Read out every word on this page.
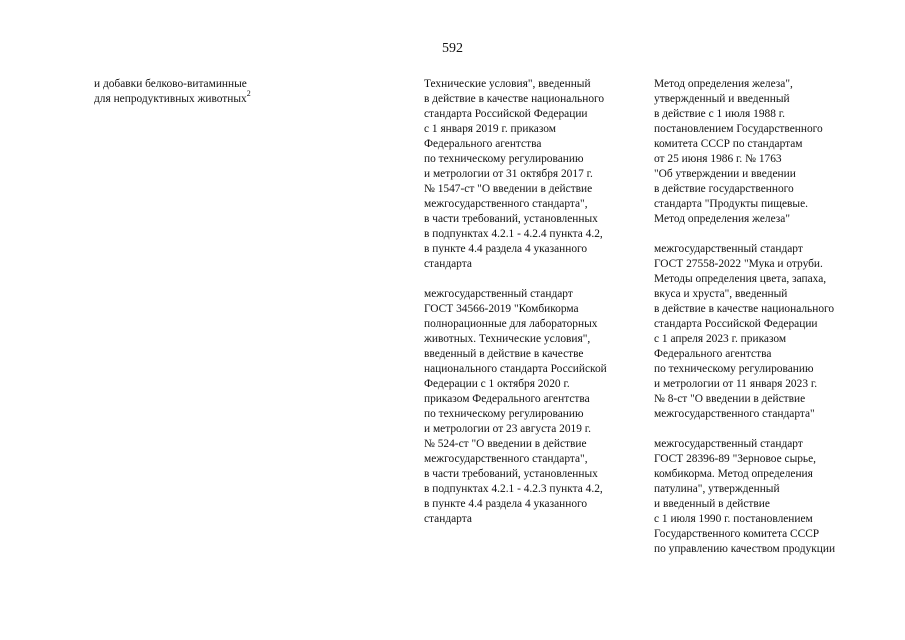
592
и добавки белково-витаминные
для непродуктивных животных$^2$
Технические условия", введенный
в действие в качестве национального
стандарта Российской Федерации
с 1 января 2019 г. приказом
Федерального агентства
по техническому регулированию
и метрологии от 31 октября 2017 г.
№ 1547-ст "О введении в действие
межгосударственного стандарта",
в части требований, установленных
в подпунктах 4.2.1 - 4.2.4 пункта 4.2,
в пункте 4.4 раздела 4 указанного
стандарта
межгосударственный стандарт
ГОСТ 34566-2019 "Комбикорма
полнорационные для лабораторных
животных. Технические условия",
введенный в действие в качестве
национального стандарта Российской
Федерации с 1 октября 2020 г.
приказом Федерального агентства
по техническому регулированию
и метрологии от 23 августа 2019 г.
№ 524-ст "О введении в действие
межгосударственного стандарта",
в части требований, установленных
в подпунктах 4.2.1 - 4.2.3 пункта 4.2,
в пункте 4.4 раздела 4 указанного
стандарта
Метод определения железа",
утвержденный и введенный
в действие с 1 июля 1988 г.
постановлением Государственного
комитета СССР по стандартам
от 25 июня 1986 г. № 1763
"Об утверждении и введении
в действие государственного
стандарта "Продукты пищевые.
Метод определения железа"
межгосударственный стандарт
ГОСТ 27558-2022 "Мука и отруби.
Методы определения цвета, запаха,
вкуса и хруста", введенный
в действие в качестве национального
стандарта Российской Федерации
с 1 апреля 2023 г. приказом
Федерального агентства
по техническому регулированию
и метрологии от 11 января 2023 г.
№ 8-ст "О введении в действие
межгосударственного стандарта"
межгосударственный стандарт
ГОСТ 28396-89 "Зерновое сырье,
комбикорма. Метод определения
патулина", утвержденный
и введенный в действие
с 1 июля 1990 г. постановлением
Государственного комитета СССР
по управлению качеством продукции
